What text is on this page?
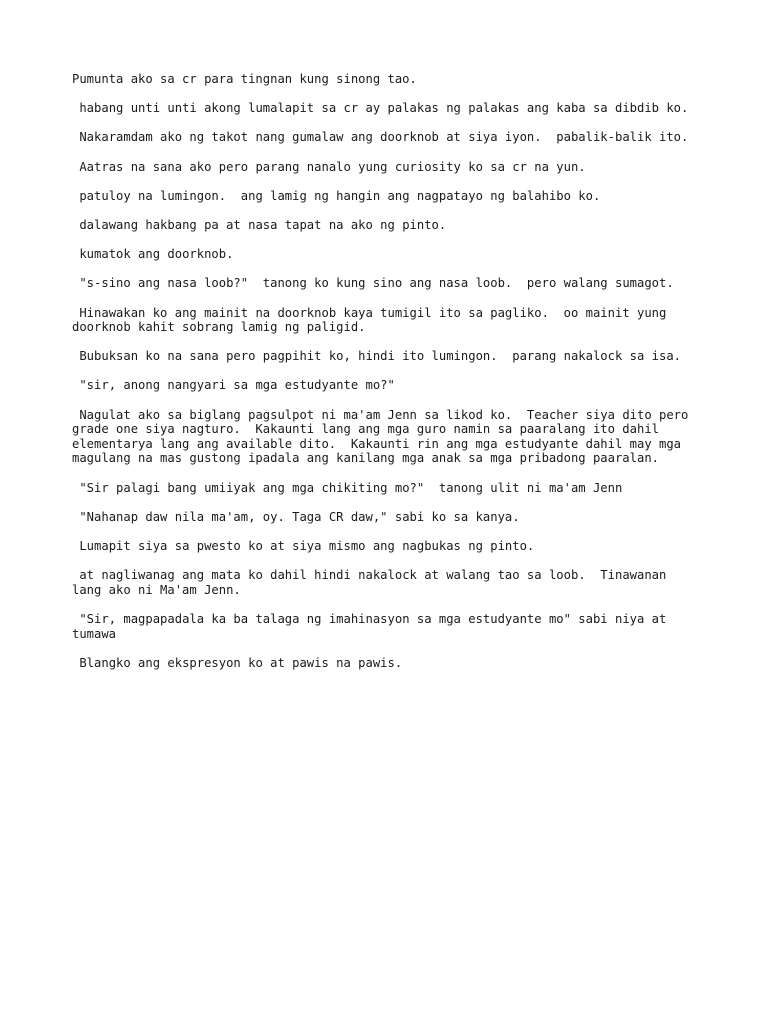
Pumunta ako sa cr para tingnan kung sinong tao.

habang unti unti akong lumalapit sa cr ay palakas ng palakas ang kaba sa dibdib ko.

Nakaramdam ako ng takot nang gumalaw ang doorknob at siya iyon.  pabalik-balik ito.

Aatras na sana ako pero parang nanalo yung curiosity ko sa cr na yun.

patuloy na lumingon.  ang lamig ng hangin ang nagpatayo ng balahibo ko.

dalawang hakbang pa at nasa tapat na ako ng pinto.

kumatok ang doorknob.

"s-sino ang nasa loob?"  tanong ko kung sino ang nasa loob.  pero walang sumagot.

Hinawakan ko ang mainit na doorknob kaya tumigil ito sa pagliko.  oo mainit yung doorknob kahit sobrang lamig ng paligid.

Bubuksan ko na sana pero pagpihit ko, hindi ito lumingon.  parang nakalock sa isa.

"sir, anong nangyari sa mga estudyante mo?"

Nagulat ako sa biglang pagsulpot ni ma'am Jenn sa likod ko.  Teacher siya dito pero grade one siya nagturo.  Kakaunti lang ang mga guro namin sa paaralang ito dahil elementarya lang ang available dito.  Kakaunti rin ang mga estudyante dahil may mga magulang na mas gustong ipadala ang kanilang mga anak sa mga pribadong paaralan.

"Sir palagi bang umiiyak ang mga chikiting mo?"  tanong ulit ni ma'am Jenn

"Nahanap daw nila ma'am, oy. Taga CR daw," sabi ko sa kanya.

Lumapit siya sa pwesto ko at siya mismo ang nagbukas ng pinto.

at nagliwanag ang mata ko dahil hindi nakalock at walang tao sa loob.  Tinawanan lang ako ni Ma'am Jenn.

"Sir, magpapadala ka ba talaga ng imahinasyon sa mga estudyante mo" sabi niya at tumawa

Blangko ang ekspresyon ko at pawis na pawis.
